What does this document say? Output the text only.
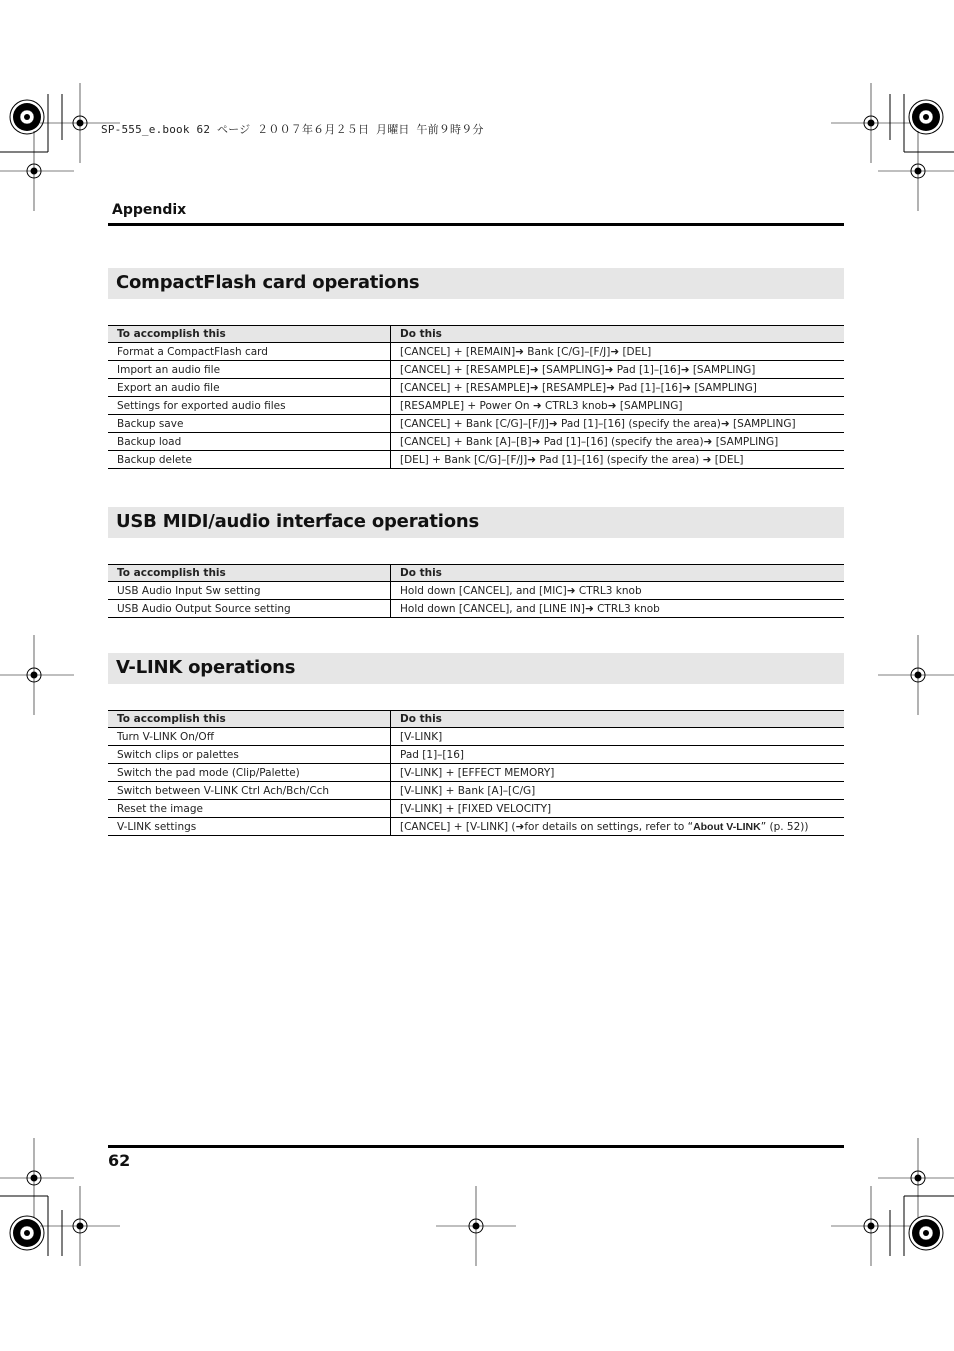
SP-555_e.book 62 ページ ２００７年６月２５日 月曜日 午前９時９分
Appendix
CompactFlash card operations
To accomplish this	Do this
Format a CompactFlash card	[CANCEL] + [REMAIN]➜ Bank [C/G]–[F/J]➜ [DEL]
Import an audio file	[CANCEL] + [RESAMPLE]➜ [SAMPLING]➜ Pad [1]–[16]➜ [SAMPLING]
Export an audio file	[CANCEL] + [RESAMPLE]➜ [RESAMPLE]➜ Pad [1]–[16]➜ [SAMPLING]
Settings for exported audio files	[RESAMPLE] + Power On ➜ CTRL3 knob➜ [SAMPLING]
Backup save	[CANCEL] + Bank [C/G]–[F/J]➜ Pad [1]–[16] (specify the area)➜ [SAMPLING]
Backup load	[CANCEL] + Bank [A]–[B]➜ Pad [1]–[16] (specify the area)➜ [SAMPLING]
Backup delete	[DEL] + Bank [C/G]–[F/J]➜ Pad [1]–[16] (specify the area) ➜ [DEL]
USB MIDI/audio interface operations
To accomplish this	Do this
USB Audio Input Sw setting	Hold down [CANCEL], and [MIC]➜ CTRL3 knob
USB Audio Output Source setting	Hold down [CANCEL], and [LINE IN]➜ CTRL3 knob
V-LINK operations
To accomplish this	Do this
Turn V-LINK On/Off	[V-LINK]
Switch clips or palettes	Pad [1]–[16]
Switch the pad mode (Clip/Palette)	[V-LINK] + [EFFECT MEMORY]
Switch between V-LINK Ctrl Ach/Bch/Cch	[V-LINK] + Bank [A]–[C/G]
Reset the image	[V-LINK] + [FIXED VELOCITY]
V-LINK settings	[CANCEL] + [V-LINK] (➜for details on settings, refer to “About V-LINK” (p. 52))
62
